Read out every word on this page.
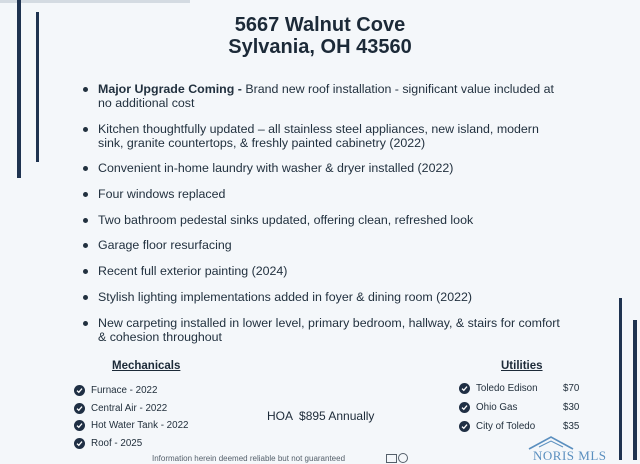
5667 Walnut Cove
Sylvania, OH 43560
Major Upgrade Coming - Brand new roof installation - significant value included at no additional cost
Kitchen thoughtfully updated – all stainless steel appliances, new island, modern sink, granite countertops, & freshly painted cabinetry (2022)
Convenient in-home laundry with washer & dryer installed (2022)
Four windows replaced
Two bathroom pedestal sinks updated, offering clean, refreshed look
Garage floor resurfacing
Recent full exterior painting (2024)
Stylish lighting implementations added in foyer & dining room (2022)
New carpeting installed in lower level, primary bedroom, hallway, & stairs for comfort & cohesion throughout
Mechanicals
Furnace - 2022
Central Air - 2022
Hot Water Tank - 2022
Roof - 2025
HOA $895 Annually
Utilities
Toledo Edison	$70
Ohio Gas	$30
City of Toledo	$35
Information herein deemed reliable but not guaranteed	NORIS MLS
